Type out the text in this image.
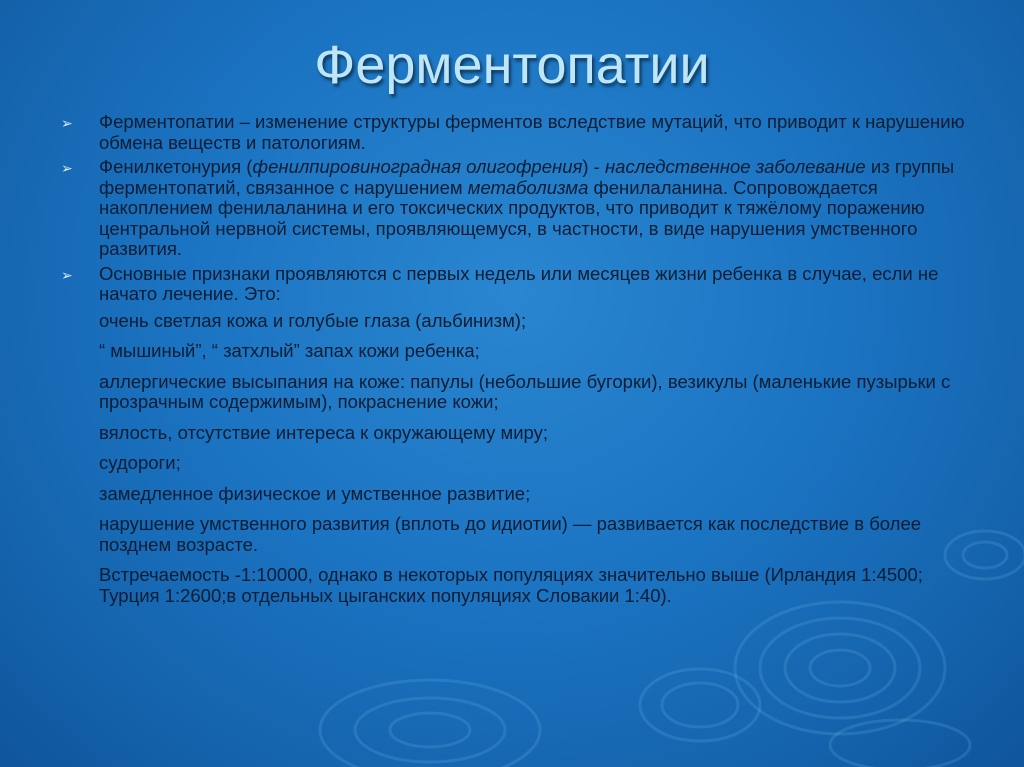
Ферментопатии
➢ Ферментопатии – изменение структуры ферментов вследствие мутаций, что приводит к нарушению обмена веществ и патологиям.
➢ Фенилкетонурия (фенилпировиноградная олигофрения) - наследственное заболевание из группы ферментопатий, связанное с нарушением метаболизма фенилаланина. Сопровождается накоплением фенилаланина и его токсических продуктов, что приводит к тяжёлому поражению центральной нервной системы, проявляющемуся, в частности, в виде нарушения умственного развития.
➢ Основные признаки проявляются с первых недель или месяцев жизни ребенка в случае, если не начато лечение. Это:
очень светлая кожа и голубые глаза (альбинизм);
“ мышиный”, “ затхлый” запах кожи ребенка;
аллергические высыпания на коже: папулы (небольшие бугорки), везикулы (маленькие пузырьки с прозрачным содержимым), покраснение кожи;
вялость, отсутствие интереса к окружающему миру;
судороги;
замедленное физическое и умственное развитие;
нарушение умственного развития (вплоть до идиотии) — развивается как последствие в более позднем возрасте.
Встречаемость -1:10000, однако в некоторых популяциях значительно выше (Ирландия 1:4500; Турция 1:2600;в отдельных цыганских популяциях Словакии 1:40).
